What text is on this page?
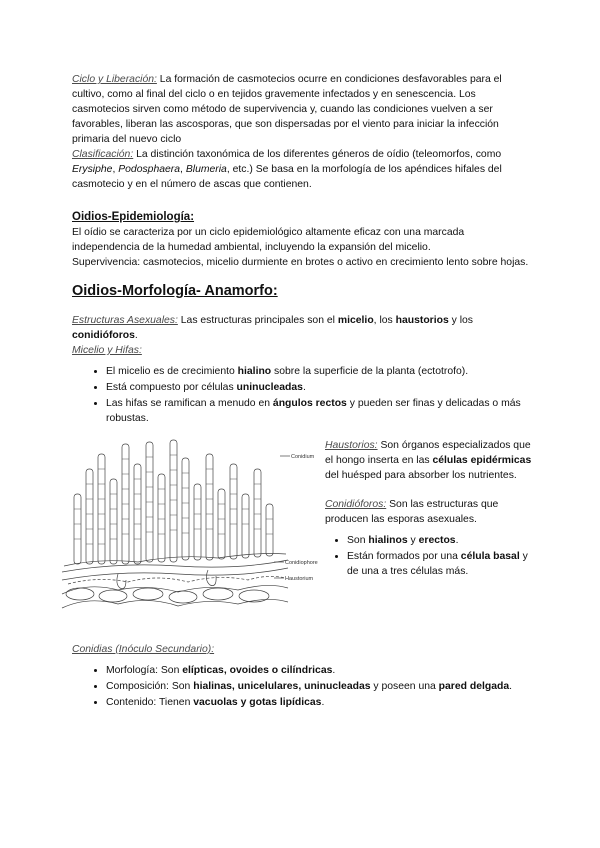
Ciclo y Liberación: La formación de casmotecios ocurre en condiciones desfavorables para el cultivo, como al final del ciclo o en tejidos gravemente infectados y en senescencia. Los casmotecios sirven como método de supervivencia y, cuando las condiciones vuelven a ser favorables, liberan las ascosporas, que son dispersadas por el viento para iniciar la infección primaria del nuevo ciclo

Clasificación: La distinción taxonómica de los diferentes géneros de oídio (teleomorfos, como Erysiphe, Podosphaera, Blumeria, etc.) Se basa en la morfología de los apéndices hifales del casmotecio y en el número de ascas que contienen.

Oidios-Epidemiología:

El oídio se caracteriza por un ciclo epidemiológico altamente eficaz con una marcada independencia de la humedad ambiental, incluyendo la expansión del micelio.

Supervivencia: casmotecios, micelio durmiente en brotes o activo en crecimiento lento sobre hojas.

Oidios-Morfología- Anamorfo:

Estructuras Asexuales: Las estructuras principales son el micelio, los haustorios y los conidióforos.

Micelio y Hifas:

• El micelio es de crecimiento hialino sobre la superficie de la planta (ectotrofo).
• Está compuesto por células uninucleadas.
• Las hifas se ramifican a menudo en ángulos rectos y pueden ser finas y delicadas o más robustas.
Conidium
Conidiophore
Haustorium

Haustorios: Son órganos especializados que el hongo inserta en las células epidérmicas del huésped para absorber los nutrientes.

Conidióforos: Son las estructuras que producen las esporas asexuales.

• Son hialinos y erectos.
• Están formados por una célula basal y de una a tres células más.

Conidias (Inóculo Secundario):

• Morfología: Son elípticas, ovoides o cilíndricas.
• Composición: Son hialinas, unicelulares, uninucleadas y poseen una pared delgada.
• Contenido: Tienen vacuolas y gotas lipídicas.
